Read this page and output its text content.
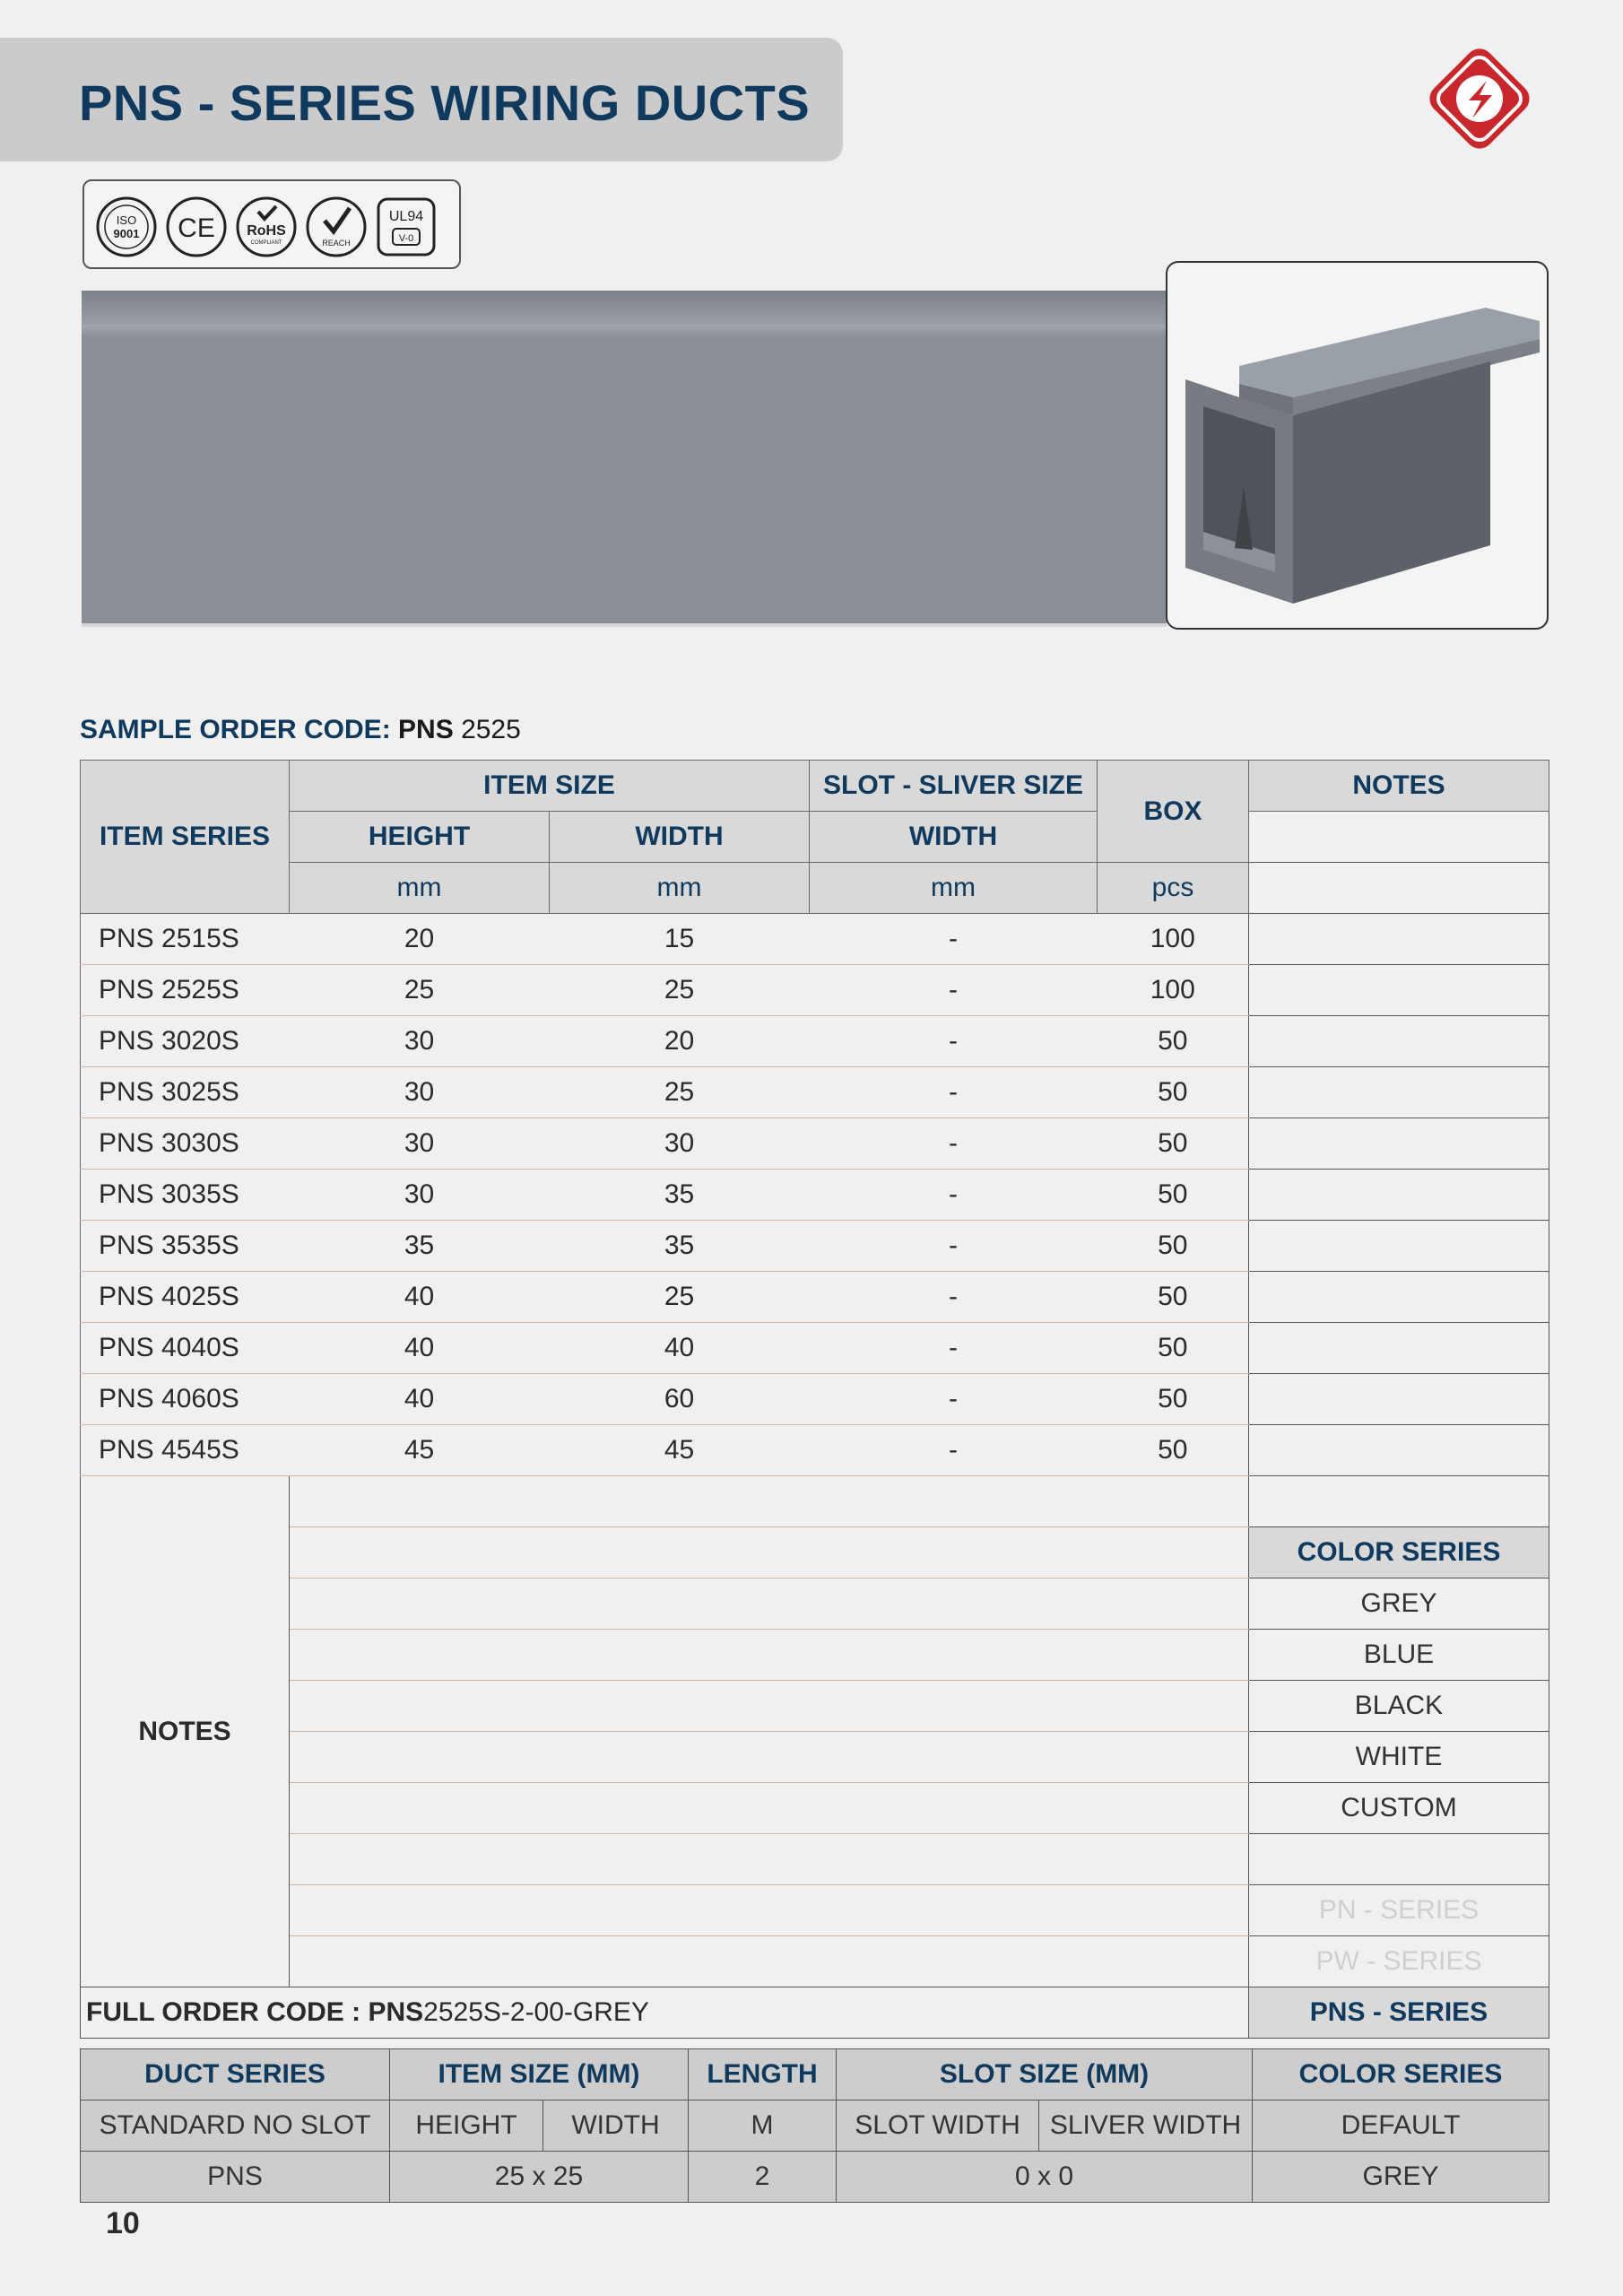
PNS - SERIES WIRING DUCTS
ISO
9001 CE RoHS
COMPLIANT	REACH
UL94
V-0
SAMPLE ORDER CODE: PNS 2525
ITEM SERIES	ITEM SIZE		SLOT - SLIVER SIZE	BOX	NOTES
	HEIGHT	WIDTH	WIDTH		
	mm	mm	mm	pcs	
PNS 2515S	20	15	-	100	
PNS 2525S	25	25	-	100	
PNS 3020S	30	20	-	50	
PNS 3025S	30	25	-	50	
PNS 3030S	30	30	-	50	
PNS 3035S	30	35	-	50	
PNS 3535S	35	35	-	50	
PNS 4025S	40	25	-	50	
PNS 4040S	40	40	-	50	
PNS 4060S	40	60	-	50	
PNS 4545S	45	45	-	50	
NOTES					
					COLOR SERIES
					GREY
					BLUE
					BLACK
					WHITE
					CUSTOM

					PN - SERIES
					PW - SERIES
FULL ORDER CODE : PNS2525S-2-00-GREY					PNS - SERIES
DUCT SERIES	ITEM SIZE (MM)		LENGTH	SLOT SIZE (MM)		COLOR SERIES
STANDARD NO SLOT	HEIGHT	WIDTH	M	SLOT WIDTH	SLIVER WIDTH	DEFAULT
PNS	25 x 25		2	0 x 0		GREY
10
